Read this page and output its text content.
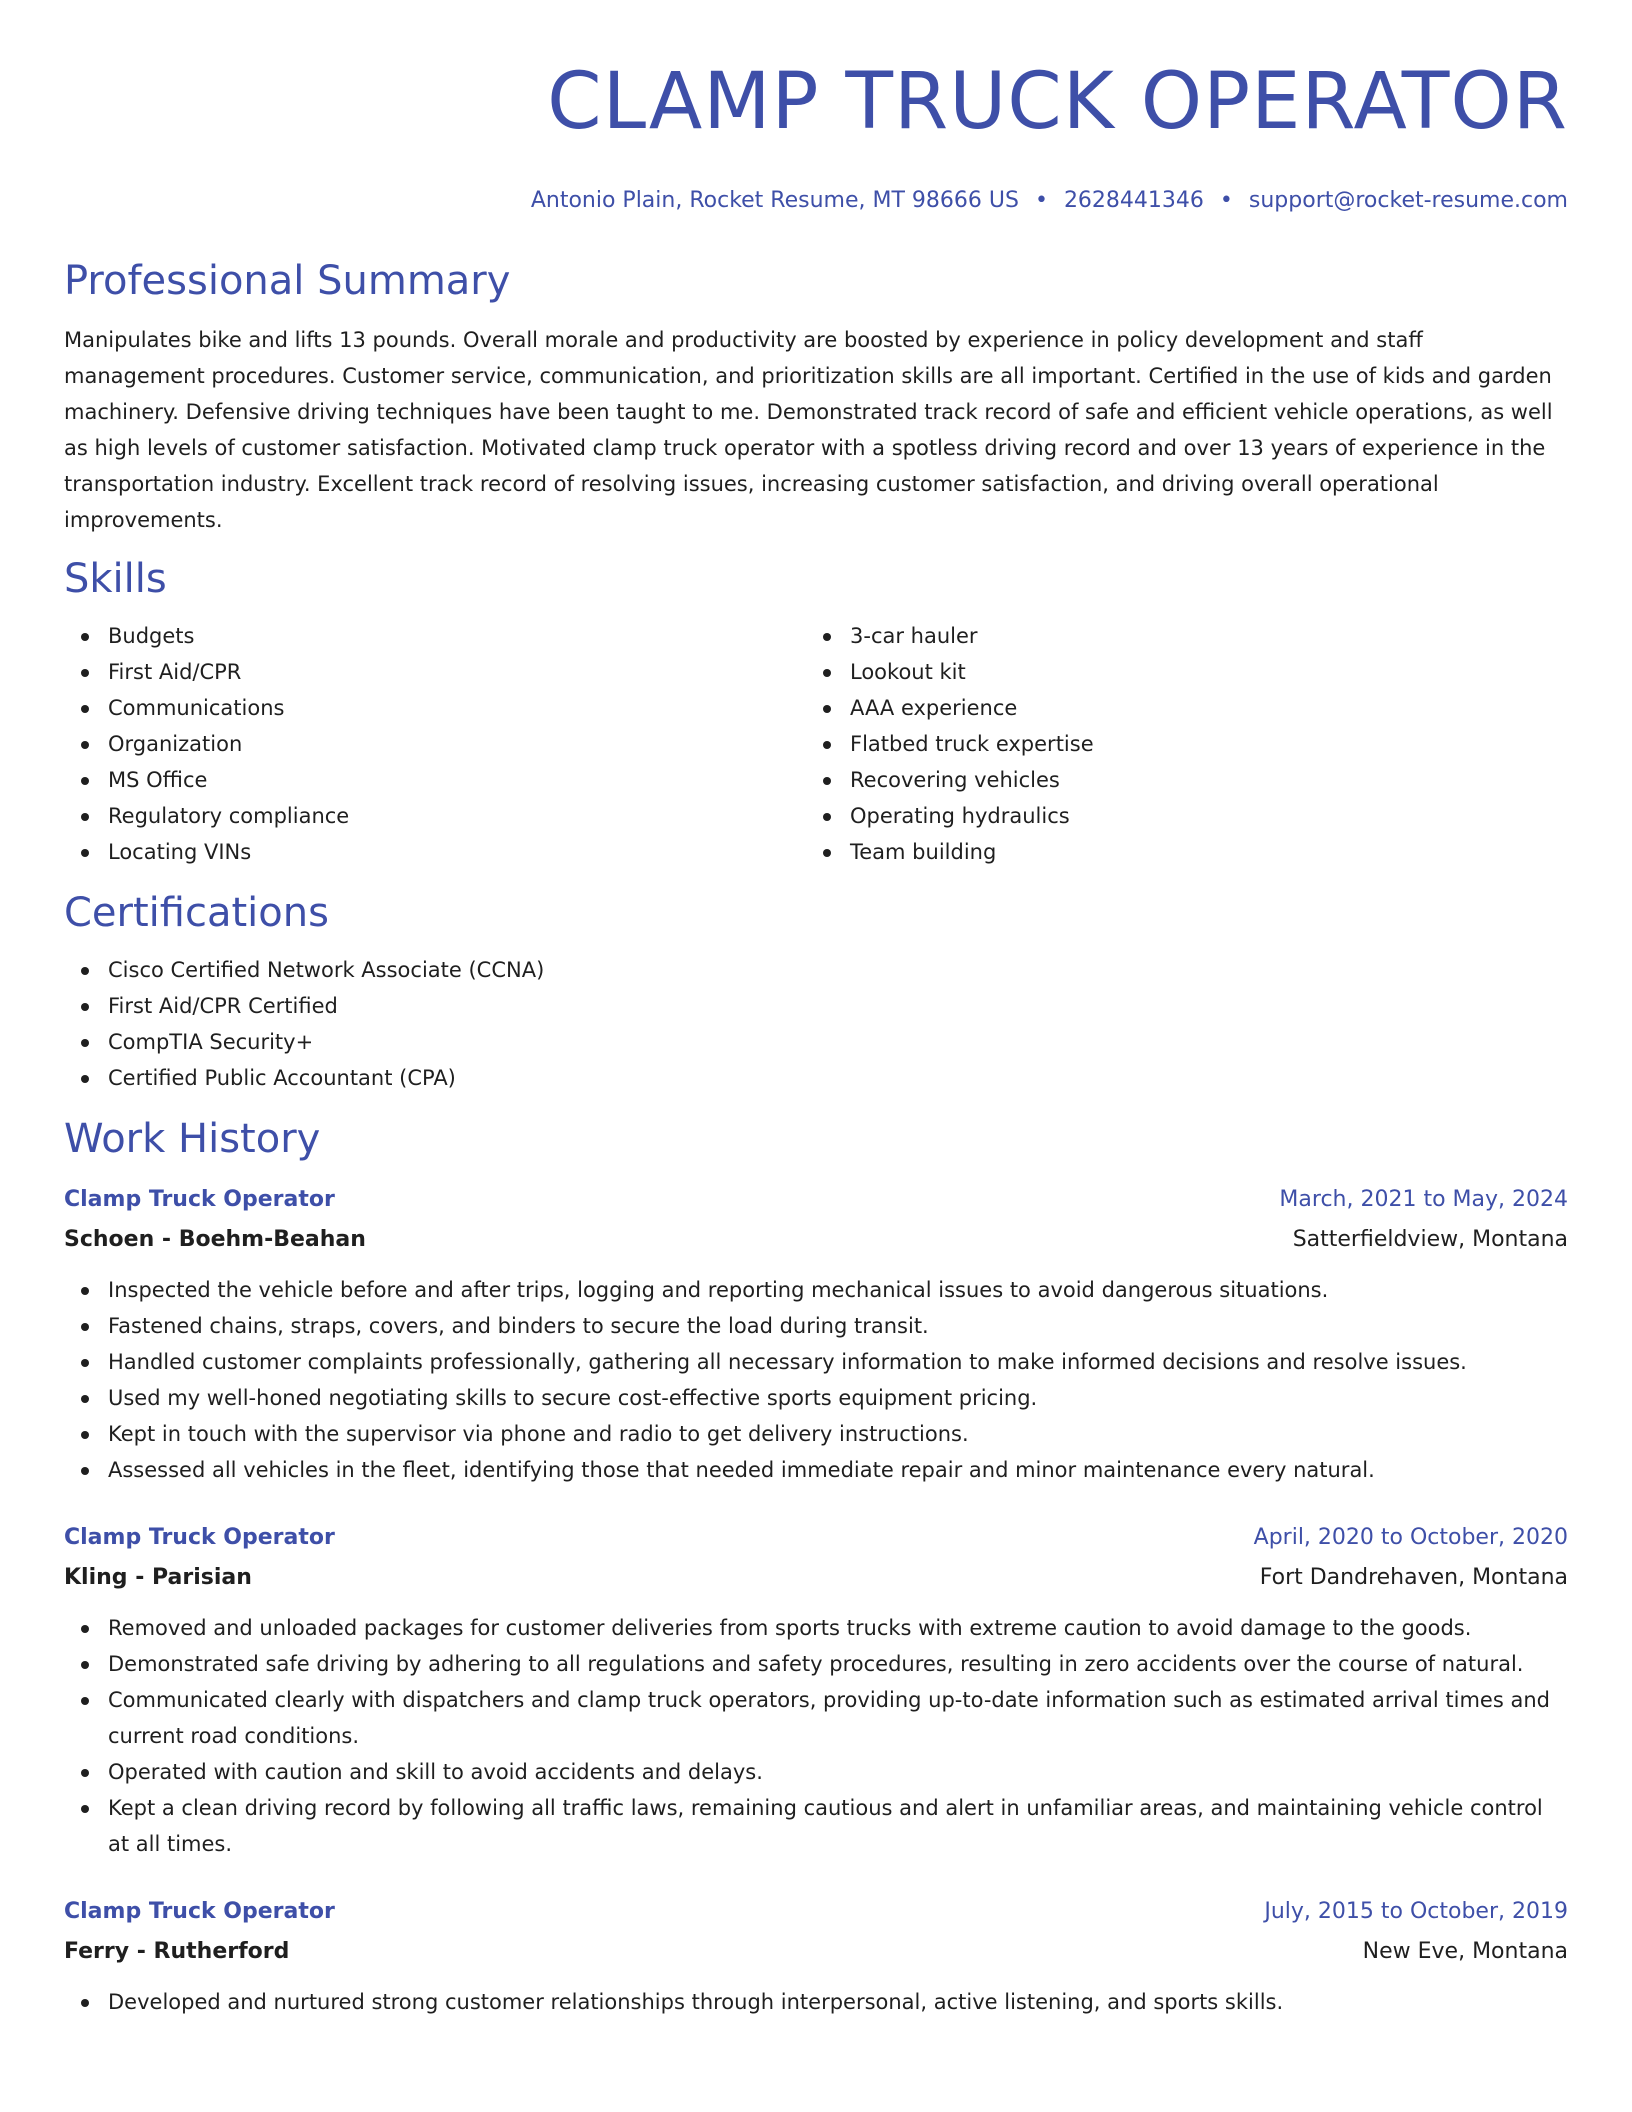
CLAMP TRUCK OPERATOR
Antonio Plain, Rocket Resume, MT 98666 US • 2628441346 • support@rocket-resume.com
Professional Summary
Manipulates bike and lifts 13 pounds. Overall morale and productivity are boosted by experience in policy development and staff management procedures. Customer service, communication, and prioritization skills are all important. Certified in the use of kids and garden machinery. Defensive driving techniques have been taught to me. Demonstrated track record of safe and efficient vehicle operations, as well as high levels of customer satisfaction. Motivated clamp truck operator with a spotless driving record and over 13 years of experience in the transportation industry. Excellent track record of resolving issues, increasing customer satisfaction, and driving overall operational improvements.
Skills
Budgets
First Aid/CPR
Communications
Organization
MS Office
Regulatory compliance
Locating VINs
3-car hauler
Lookout kit
AAA experience
Flatbed truck expertise
Recovering vehicles
Operating hydraulics
Team building
Certifications
Cisco Certified Network Associate (CCNA)
First Aid/CPR Certified
CompTIA Security+
Certified Public Accountant (CPA)
Work History
Clamp Truck Operator	March, 2021 to May, 2024
Schoen - Boehm-Beahan	Satterfieldview, Montana
Inspected the vehicle before and after trips, logging and reporting mechanical issues to avoid dangerous situations.
Fastened chains, straps, covers, and binders to secure the load during transit.
Handled customer complaints professionally, gathering all necessary information to make informed decisions and resolve issues.
Used my well-honed negotiating skills to secure cost-effective sports equipment pricing.
Kept in touch with the supervisor via phone and radio to get delivery instructions.
Assessed all vehicles in the fleet, identifying those that needed immediate repair and minor maintenance every natural.
Clamp Truck Operator	April, 2020 to October, 2020
Kling - Parisian	Fort Dandrehaven, Montana
Removed and unloaded packages for customer deliveries from sports trucks with extreme caution to avoid damage to the goods.
Demonstrated safe driving by adhering to all regulations and safety procedures, resulting in zero accidents over the course of natural.
Communicated clearly with dispatchers and clamp truck operators, providing up-to-date information such as estimated arrival times and current road conditions.
Operated with caution and skill to avoid accidents and delays.
Kept a clean driving record by following all traffic laws, remaining cautious and alert in unfamiliar areas, and maintaining vehicle control at all times.
Clamp Truck Operator	July, 2015 to October, 2019
Ferry - Rutherford	New Eve, Montana
Developed and nurtured strong customer relationships through interpersonal, active listening, and sports skills.
